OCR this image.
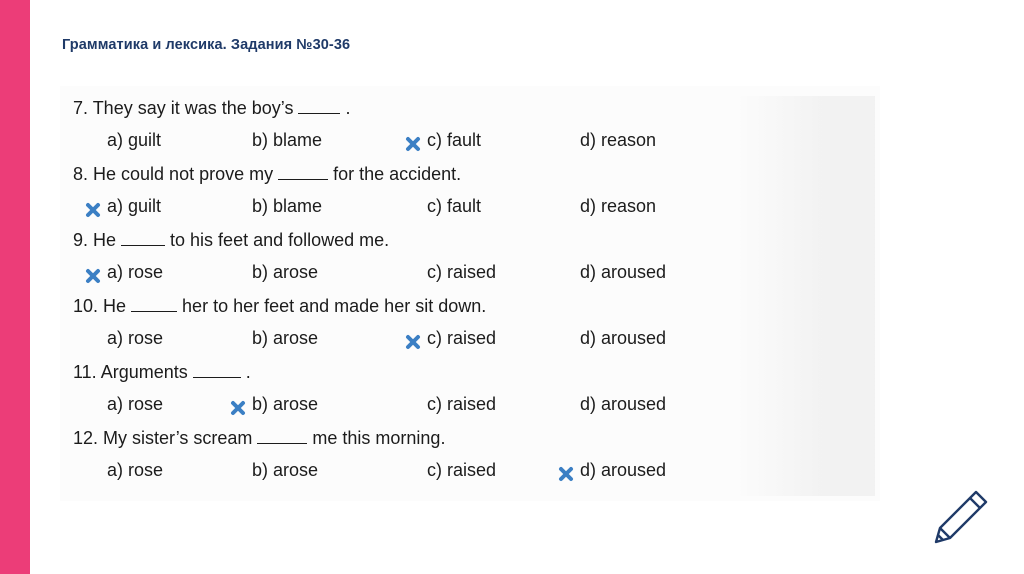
Грамматика и лексика. Задания №30-36
7. They say it was the boy’s	.
a) guilt	b) blame	c) fault	d) reason
8. He could not prove my	for the accident.
a) guilt	b) blame	c) fault	d) reason
9. He	to his feet and followed me.
a) rose	b) arose	c) raised	d) aroused
10. He	her to her feet and made her sit down.
a) rose	b) arose	c) raised	d) aroused
11. Arguments	.
a) rose	b) arose	c) raised	d) aroused
12. My sister’s scream	me this morning.
a) rose	b) arose	c) raised	d) aroused
